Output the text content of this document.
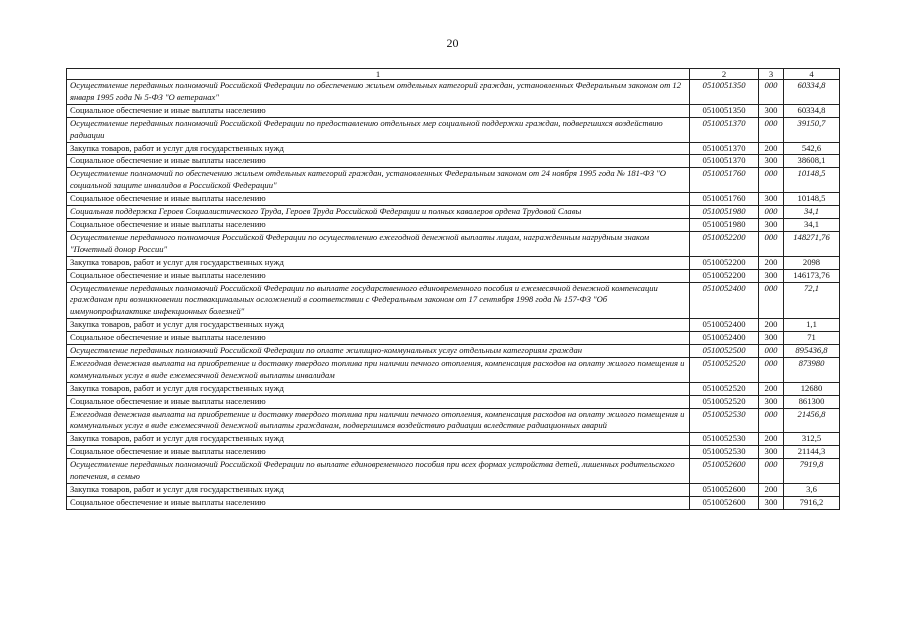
20
1	2	3	4
Осуществление переданных полномочий Российской Федерации по обеспечению жильем отдельных категорий граждан, установленных Федеральным законом от 12 января 1995 года № 5-ФЗ "О ветеранах"	0510051350	000	60334,8
Социальное обеспечение и иные выплаты населению	0510051350	300	60334,8
Осуществление переданных полномочий Российской Федерации по предоставлению отдельных мер социальной поддержки граждан, подвергшихся воздействию радиации	0510051370	000	39150,7
Закупка товаров, работ и услуг для государственных нужд	0510051370	200	542,6
Социальное обеспечение и иные выплаты населению	0510051370	300	38608,1
Осуществление полномочий по обеспечению жильем отдельных категорий граждан, установленных Федеральным законом от 24 ноября 1995 года № 181-ФЗ "О социальной защите инвалидов в Российской Федерации"	0510051760	000	10148,5
Социальное обеспечение и иные выплаты населению	0510051760	300	10148,5
Социальная поддержка Героев Социалистического Труда, Героев Труда Российской Федерации и полных кавалеров ордена Трудовой Славы	0510051980	000	34,1
Социальное обеспечение и иные выплаты населению	0510051980	300	34,1
Осуществление переданного полномочия Российской Федерации по осуществлению ежегодной денежной выплаты лицам, награжденным нагрудным знаком "Почетный донор России"	0510052200	000	148271,76
Закупка товаров, работ и услуг для государственных нужд	0510052200	200	2098
Социальное обеспечение и иные выплаты населению	0510052200	300	146173,76
Осуществление переданных полномочий Российской Федерации по выплате государственного единовременного пособия и ежемесячной денежной компенсации гражданам при возникновении поствакцинальных осложнений в соответствии с Федеральным законом от 17 сентября 1998 года № 157-ФЗ "Об иммунопрофилактике инфекционных болезней"	0510052400	000	72,1
Закупка товаров, работ и услуг для государственных нужд	0510052400	200	1,1
Социальное обеспечение и иные выплаты населению	0510052400	300	71
Осуществление переданных полномочий Российской Федерации по оплате жилищно-коммунальных услуг отдельным категориям граждан	0510052500	000	895436,8
Ежегодная денежная выплата на приобретение и доставку твердого топлива при наличии печного отопления, компенсация расходов на оплату жилого помещения и коммунальных услуг в виде ежемесячной денежной выплаты инвалидам	0510052520	000	873980
Закупка товаров, работ и услуг для государственных нужд	0510052520	200	12680
Социальное обеспечение и иные выплаты населению	0510052520	300	861300
Ежегодная денежная выплата на приобретение и доставку твердого топлива при наличии печного отопления, компенсация расходов на оплату жилого помещения и коммунальных услуг в виде ежемесячной денежной выплаты гражданам, подвергшимся воздействию радиации вследствие радиационных аварий	0510052530	000	21456,8
Закупка товаров, работ и услуг для государственных нужд	0510052530	200	312,5
Социальное обеспечение и иные выплаты населению	0510052530	300	21144,3
Осуществление переданных полномочий Российской Федерации по выплате единовременного пособия при всех формах устройства детей, лишенных родительского попечения, в семью	0510052600	000	7919,8
Закупка товаров, работ и услуг для государственных нужд	0510052600	200	3,6
Социальное обеспечение и иные выплаты населению	0510052600	300	7916,2
